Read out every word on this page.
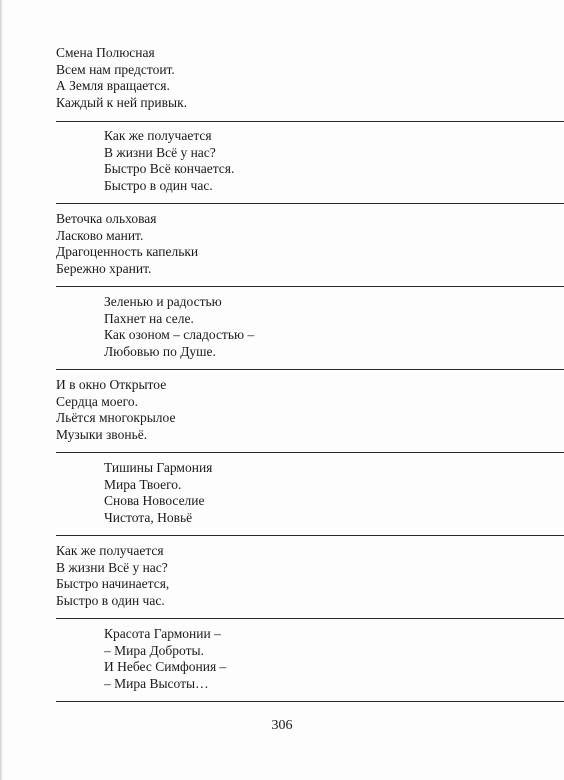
Смена Полюсная
Всем нам предстоит.
А Земля вращается.
Каждый к ней привык.
Как же получается
В жизни Всё у нас?
Быстро Всё кончается.
Быстро в один час.
Веточка ольховая
Ласково манит.
Драгоценность капельки
Бережно хранит.
Зеленью и радостью
Пахнет на селе.
Как озоном – сладостью –
Любовью по Душе.
И в окно Открытое
Сердца моего.
Льётся многокрылое
Музыки звоньё.
Тишины Гармония
Мира Твоего.
Снова Новоселие
Чистота, Новьё
Как же получается
В жизни Всё у нас?
Быстро начинается,
Быстро в один час.
Красота Гармонии –
– Мира Доброты.
И Небес Симфония –
– Мира Высоты…
306
